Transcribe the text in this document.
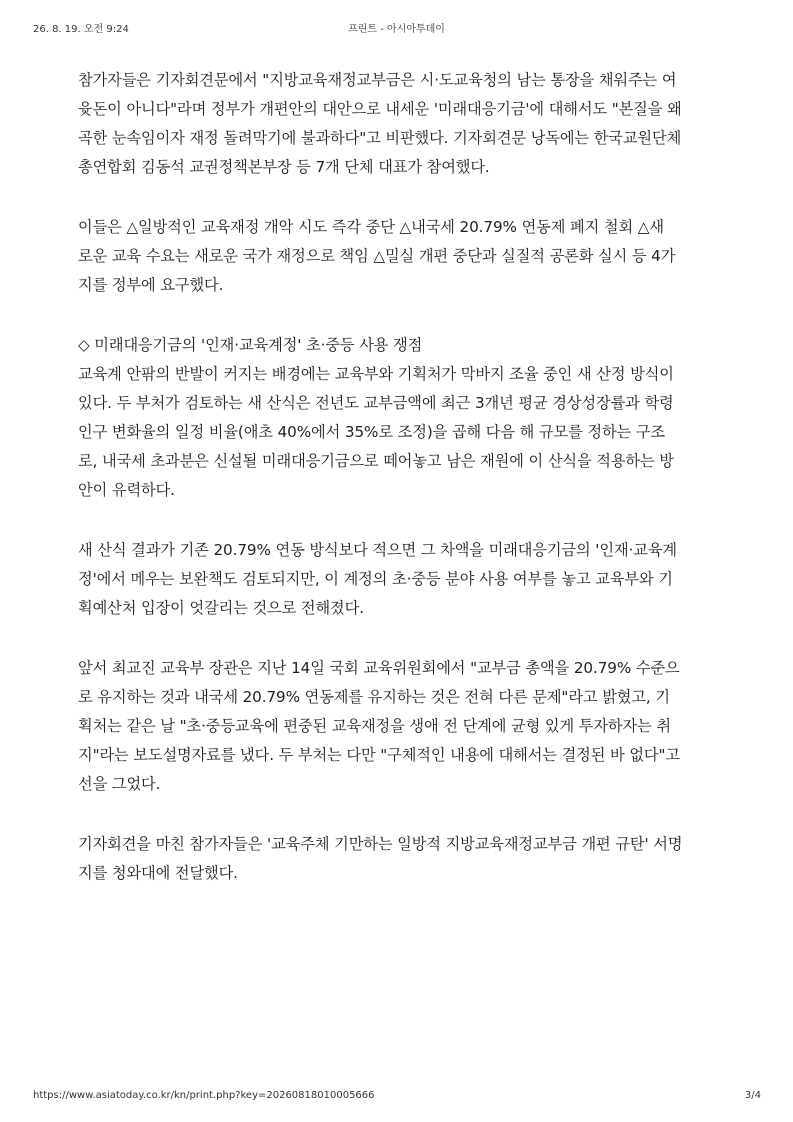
26. 8. 19. 오전 9:24	프린트 - 아시아투데이

참가자들은 기자회견문에서 "지방교육재정교부금은 시·도교육청의 남는 통장을 채워주는 여
윳돈이 아니다"라며 정부가 개편안의 대안으로 내세운 '미래대응기금'에 대해서도 "본질을 왜
곡한 눈속임이자 재정 돌려막기에 불과하다"고 비판했다. 기자회견문 낭독에는 한국교원단체
총연합회 김동석 교권정책본부장 등 7개 단체 대표가 참여했다.

이들은 △일방적인 교육재정 개악 시도 즉각 중단 △내국세 20.79% 연동제 폐지 철회 △새
로운 교육 수요는 새로운 국가 재정으로 책임 △밀실 개편 중단과 실질적 공론화 실시 등 4가
지를 정부에 요구했다.

◇ 미래대응기금의 '인재·교육계정' 초·중등 사용 쟁점
교육계 안팎의 반발이 커지는 배경에는 교육부와 기획처가 막바지 조율 중인 새 산정 방식이
있다. 두 부처가 검토하는 새 산식은 전년도 교부금액에 최근 3개년 평균 경상성장률과 학령
인구 변화율의 일정 비율(애초 40%에서 35%로 조정)을 곱해 다음 해 규모를 정하는 구조
로, 내국세 초과분은 신설될 미래대응기금으로 떼어놓고 남은 재원에 이 산식을 적용하는 방
안이 유력하다.

새 산식 결과가 기존 20.79% 연동 방식보다 적으면 그 차액을 미래대응기금의 '인재·교육계
정'에서 메우는 보완책도 검토되지만, 이 계정의 초·중등 분야 사용 여부를 놓고 교육부와 기
획예산처 입장이 엇갈리는 것으로 전해졌다.

앞서 최교진 교육부 장관은 지난 14일 국회 교육위원회에서 "교부금 총액을 20.79% 수준으
로 유지하는 것과 내국세 20.79% 연동제를 유지하는 것은 전혀 다른 문제"라고 밝혔고, 기
획처는 같은 날 "초·중등교육에 편중된 교육재정을 생애 전 단계에 균형 있게 투자하자는 취
지"라는 보도설명자료를 냈다. 두 부처는 다만 "구체적인 내용에 대해서는 결정된 바 없다"고
선을 그었다.

기자회견을 마친 참가자들은 '교육주체 기만하는 일방적 지방교육재정교부금 개편 규탄' 서명
지를 청와대에 전달했다.

https://www.asiatoday.co.kr/kn/print.php?key=20260818010005666	3/4
